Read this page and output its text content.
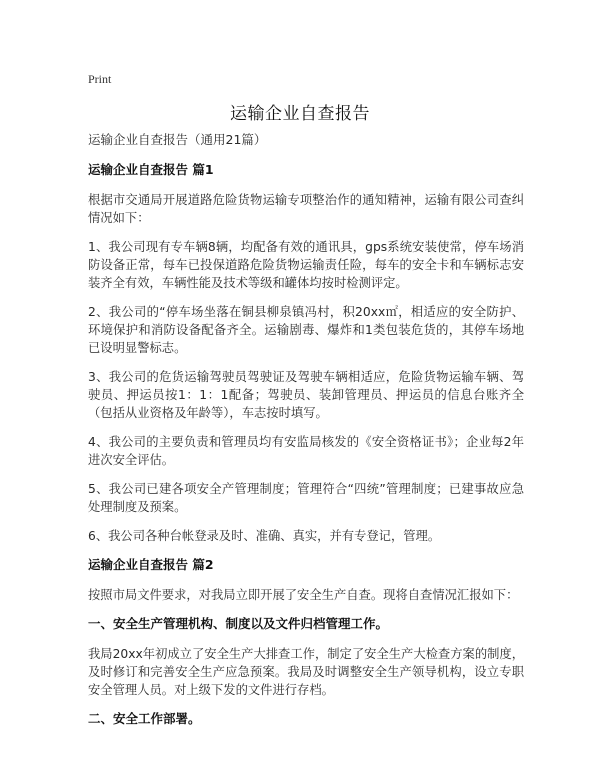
Print
运输企业自查报告

运输企业自查报告（通用21篇）

运输企业自查报告 篇1

根据市交通局开展道路危险货物运输专项整治作的通知精神，运输有限公司查纠情况如下：

1、我公司现有专车辆8辆，均配备有效的通讯具，gps系统安装使常，停车场消防设备正常，每车已投保道路危险货物运输责任险，每车的安全卡和车辆标志安装齐全有效，车辆性能及技术等级和罐体均按时检测评定。

2、我公司的“停车场坐落在铜县柳泉镇冯村，积20xx㎡，相适应的安全防护、环境保护和消防设备配备齐全。运输剧毒、爆炸和1类包装危货的，其停车场地已设明显警标志。

3、我公司的危货运输驾驶员驾驶证及驾驶车辆相适应，危险货物运输车辆、驾驶员、押运员按1：1：1配备；驾驶员、装卸管理员、押运员的信息台账齐全（包括从业资格及年龄等），车志按时填写。

4、我公司的主要负责和管理员均有安监局核发的《安全资格证书》；企业每2年进次安全评估。

5、我公司已建各项安全产管理制度；管理符合“四统”管理制度；已建事故应急处理制度及预案。

6、我公司各种台帐登录及时、准确、真实，并有专登记，管理。

运输企业自查报告 篇2

按照市局文件要求，对我局立即开展了安全生产自查。现将自查情况汇报如下：

一、安全生产管理机构、制度以及文件归档管理工作。

我局20xx年初成立了安全生产大排查工作，制定了安全生产大检查方案的制度，及时修订和完善安全生产应急预案。我局及时调整安全生产领导机构，设立专职安全管理人员。对上级下发的文件进行存档。

二、安全工作部署。
